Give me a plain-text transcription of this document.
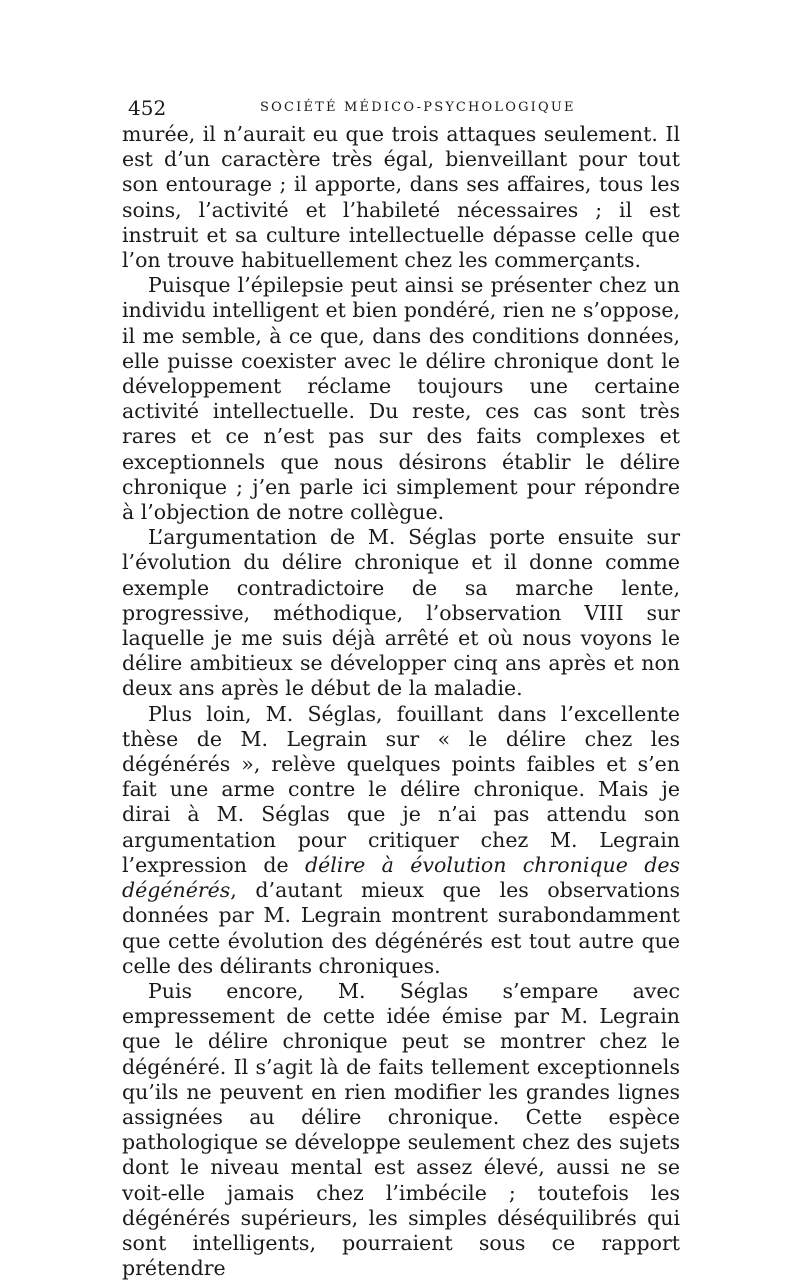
452	SOCIÉTÉ MÉDICO-PSYCHOLOGIQUE

murée, il n’aurait eu que trois attaques seulement. Il est d’un caractère très égal, bienveillant pour tout son entourage ; il apporte, dans ses affaires, tous les soins, l’activité et l’habileté nécessaires ; il est instruit et sa culture intellectuelle dépasse celle que l’on trouve habituellement chez les commerçants.

Puisque l’épilepsie peut ainsi se présenter chez un individu intelligent et bien pondéré, rien ne s’oppose, il me semble, à ce que, dans des conditions données, elle puisse coexister avec le délire chronique dont le développement réclame toujours une certaine activité intellectuelle. Du reste, ces cas sont très rares et ce n’est pas sur des faits complexes et exceptionnels que nous désirons établir le délire chronique ; j’en parle ici simplement pour répondre à l’objection de notre collègue.

L’argumentation de M. Séglas porte ensuite sur l’évolution du délire chronique et il donne comme exemple contradictoire de sa marche lente, progressive, méthodique, l’observation VIII sur laquelle je me suis déjà arrêté et où nous voyons le délire ambitieux se développer cinq ans après et non deux ans après le début de la maladie.

Plus loin, M. Séglas, fouillant dans l’excellente thèse de M. Legrain sur « le délire chez les dégénérés », relève quelques points faibles et s’en fait une arme contre le délire chronique. Mais je dirai à M. Séglas que je n’ai pas attendu son argumentation pour critiquer chez M. Legrain l’expression de délire à évolution chronique des dégénérés, d’autant mieux que les observations données par M. Legrain montrent surabondamment que cette évolution des dégénérés est tout autre que celle des délirants chroniques.

Puis encore, M. Séglas s’empare avec empressement de cette idée émise par M. Legrain que le délire chronique peut se montrer chez le dégénéré. Il s’agit là de faits tellement exceptionnels qu’ils ne peuvent en rien modifier les grandes lignes assignées au délire chronique. Cette espèce pathologique se développe seulement chez des sujets dont le niveau mental est assez élevé, aussi ne se voit-elle jamais chez l’imbécile ; toutefois les dégénérés supérieurs, les simples déséquilibrés qui sont intelligents, pourraient sous ce rapport prétendre
